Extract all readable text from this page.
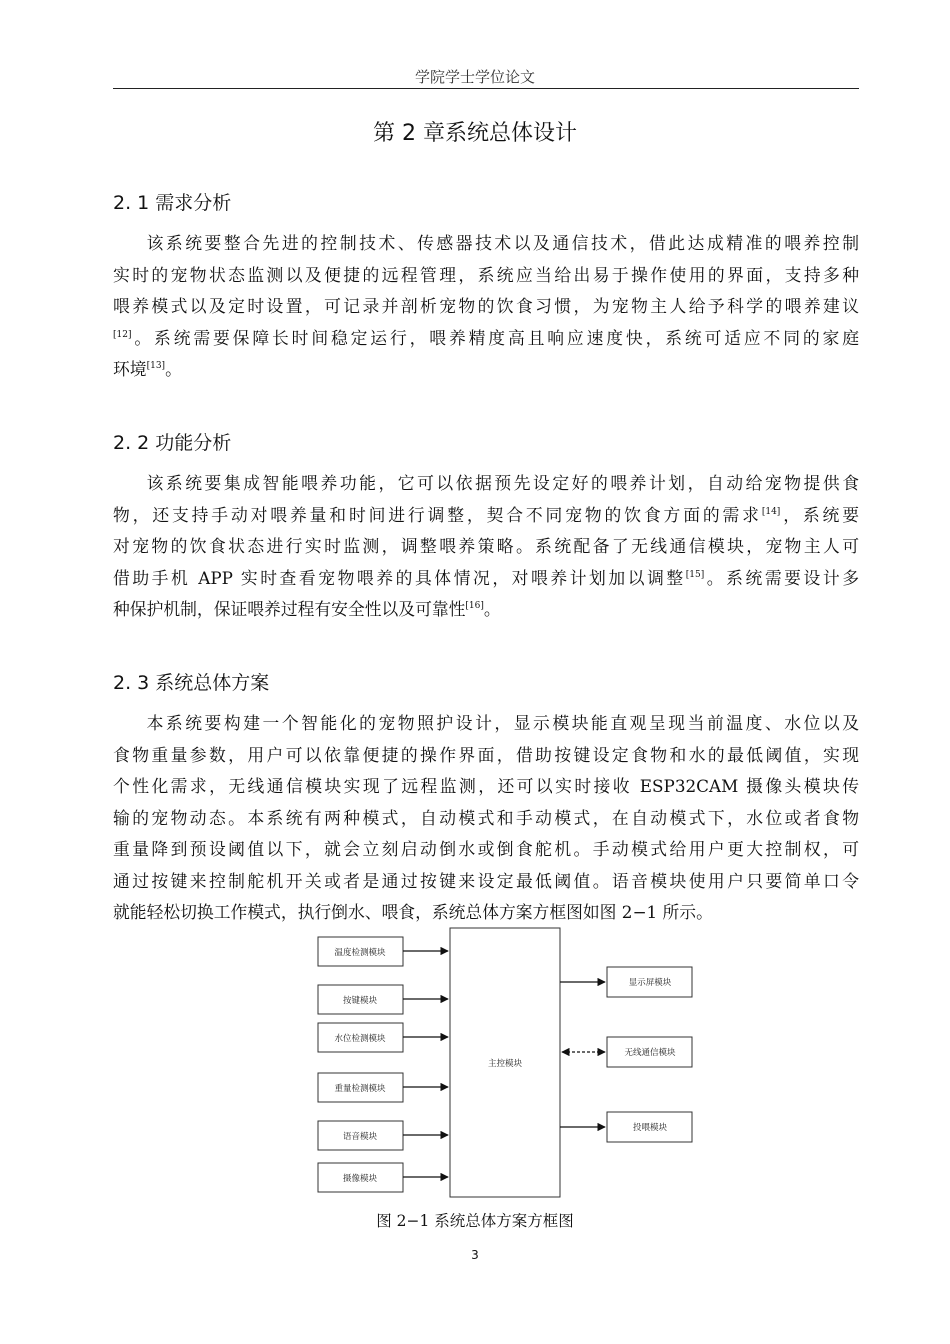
学院学士学位论文
第 2 章系统总体设计
2. 1 需求分析
该系统要整合先进的控制技术、传感器技术以及通信技术，借此达成精准的喂养控制
实时的宠物状态监测以及便捷的远程管理，系统应当给出易于操作使用的界面，支持多种
喂养模式以及定时设置，可记录并剖析宠物的饮食习惯，为宠物主人给予科学的喂养建议
[12]。系统需要保障长时间稳定运行，喂养精度高且响应速度快，系统可适应不同的家庭
环境[13]。
2. 2 功能分析
该系统要集成智能喂养功能，它可以依据预先设定好的喂养计划，自动给宠物提供食
物，还支持手动对喂养量和时间进行调整，契合不同宠物的饮食方面的需求[14]，系统要
对宠物的饮食状态进行实时监测，调整喂养策略。系统配备了无线通信模块，宠物主人可
借助手机 APP 实时查看宠物喂养的具体情况，对喂养计划加以调整[15]。系统需要设计多
种保护机制，保证喂养过程有安全性以及可靠性[16]。
2. 3 系统总体方案
本系统要构建一个智能化的宠物照护设计，显示模块能直观呈现当前温度、水位以及
食物重量参数，用户可以依靠便捷的操作界面，借助按键设定食物和水的最低阈值，实现
个性化需求，无线通信模块实现了远程监测，还可以实时接收 ESP32CAM 摄像头模块传
输的宠物动态。本系统有两种模式，自动模式和手动模式，在自动模式下，水位或者食物
重量降到预设阈值以下，就会立刻启动倒水或倒食舵机。手动模式给用户更大控制权，可
通过按键来控制舵机开关或者是通过按键来设定最低阈值。语音模块使用户只要简单口令
就能轻松切换工作模式，执行倒水、喂食，系统总体方案方框图如图 2−1 所示。
主控模块
温度检测模块
按键模块
水位检测模块
重量检测模块
语音模块
摄像模块
显示屏模块
无线通信模块
投喂模块
图 2−1 系统总体方案方框图
3
